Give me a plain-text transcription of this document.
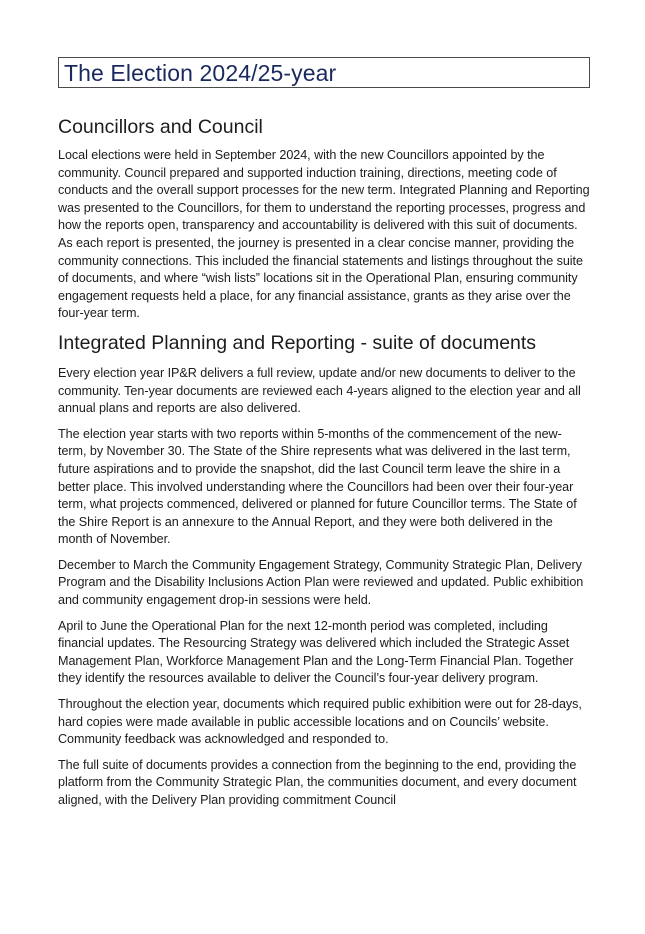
The Election 2024/25-year
Councillors and Council

Local elections were held in September 2024, with the new Councillors appointed by the community. Council prepared and supported induction training, directions, meeting code of conducts and the overall support processes for the new term. Integrated Planning and Reporting was presented to the Councillors, for them to understand the reporting processes, progress and how the reports open, transparency and accountability is delivered with this suit of documents. As each report is presented, the journey is presented in a clear concise manner, providing the community connections. This included the financial statements and listings throughout the suite of documents, and where “wish lists” locations sit in the Operational Plan, ensuring community engagement requests held a place, for any financial assistance, grants as they arise over the four-year term.

Integrated Planning and Reporting - suite of documents

Every election year IP&R delivers a full review, update and/or new documents to deliver to the community. Ten-year documents are reviewed each 4-years aligned to the election year and all annual plans and reports are also delivered.

The election year starts with two reports within 5-months of the commencement of the new-term, by November 30. The State of the Shire represents what was delivered in the last term, future aspirations and to provide the snapshot, did the last Council term leave the shire in a better place. This involved understanding where the Councillors had been over their four-year term, what projects commenced, delivered or planned for future Councillor terms. The State of the Shire Report is an annexure to the Annual Report, and they were both delivered in the month of November.

December to March the Community Engagement Strategy, Community Strategic Plan, Delivery Program and the Disability Inclusions Action Plan were reviewed and updated. Public exhibition and community engagement drop-in sessions were held.

April to June the Operational Plan for the next 12-month period was completed, including financial updates. The Resourcing Strategy was delivered which included the Strategic Asset Management Plan, Workforce Management Plan and the Long-Term Financial Plan. Together they identify the resources available to deliver the Council’s four-year delivery program.

Throughout the election year, documents which required public exhibition were out for 28-days, hard copies were made available in public accessible locations and on Councils’ website. Community feedback was acknowledged and responded to.

The full suite of documents provides a connection from the beginning to the end, providing the platform from the Community Strategic Plan, the communities document, and every document aligned, with the Delivery Plan providing commitment Council
